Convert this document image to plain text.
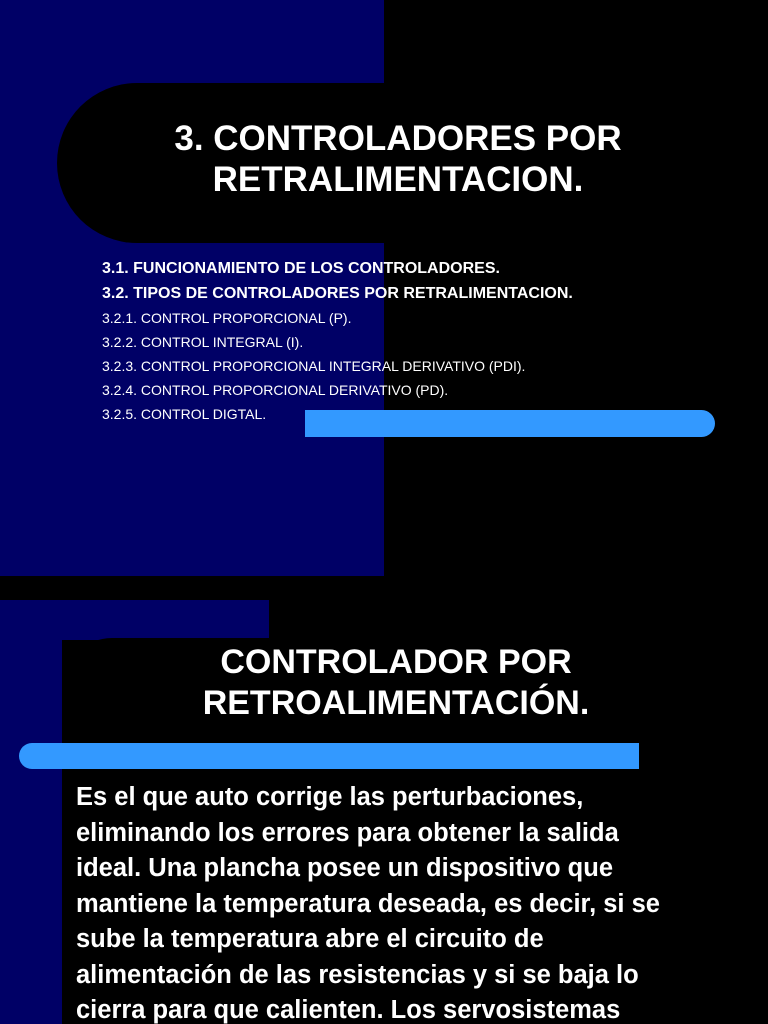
3. CONTROLADORES POR
RETRALIMENTACION.
3.1. FUNCIONAMIENTO DE LOS CONTROLADORES.
3.2. TIPOS DE CONTROLADORES POR RETRALIMENTACION.
3.2.1. CONTROL PROPORCIONAL (P).
3.2.2. CONTROL INTEGRAL (I).
3.2.3. CONTROL PROPORCIONAL INTEGRAL DERIVATIVO (PDI).
3.2.4. CONTROL PROPORCIONAL DERIVATIVO (PD).
3.2.5. CONTROL DIGTAL.
CONTROLADOR POR
RETROALIMENTACIÓN.

Es el que auto corrige las perturbaciones,
eliminando los errores para obtener la salida
ideal. Una plancha posee un dispositivo que
mantiene la temperatura deseada, es decir, si se
sube la temperatura abre el circuito de
alimentación de las resistencias y si se baja lo
cierra para que calienten. Los servosistemas
